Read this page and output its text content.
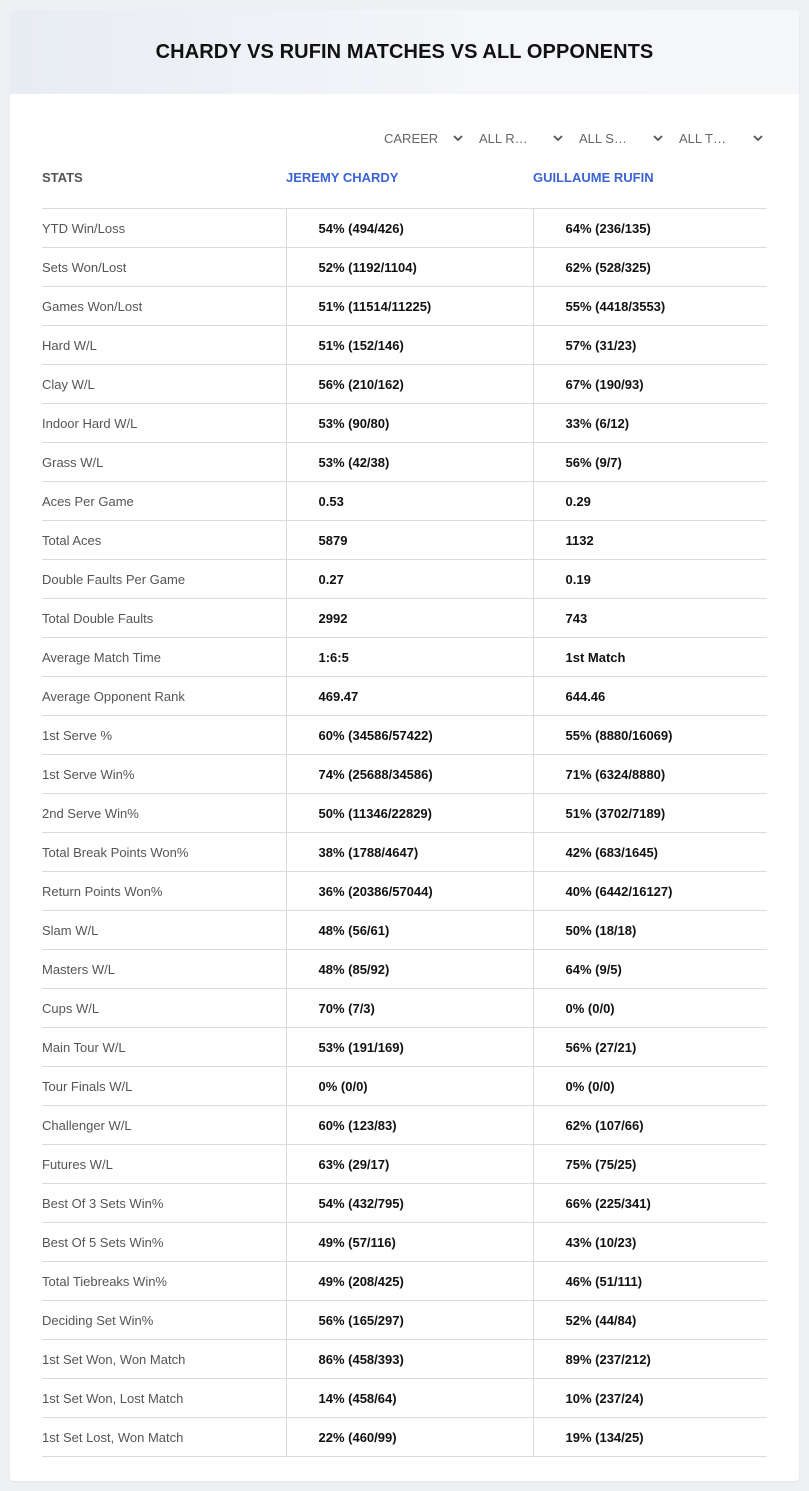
CHARDY VS RUFIN MATCHES VS ALL OPPONENTS
CAREER	ALL R…	ALL S…	ALL T…
STATS	JEREMY CHARDY	GUILLAUME RUFIN
YTD Win/Loss	54% (494/426)	64% (236/135)
Sets Won/Lost	52% (1192/1104)	62% (528/325)
Games Won/Lost	51% (11514/11225)	55% (4418/3553)
Hard W/L	51% (152/146)	57% (31/23)
Clay W/L	56% (210/162)	67% (190/93)
Indoor Hard W/L	53% (90/80)	33% (6/12)
Grass W/L	53% (42/38)	56% (9/7)
Aces Per Game	0.53	0.29
Total Aces	5879	1132
Double Faults Per Game	0.27	0.19
Total Double Faults	2992	743
Average Match Time	1:6:5	1st Match
Average Opponent Rank	469.47	644.46
1st Serve %	60% (34586/57422)	55% (8880/16069)
1st Serve Win%	74% (25688/34586)	71% (6324/8880)
2nd Serve Win%	50% (11346/22829)	51% (3702/7189)
Total Break Points Won%	38% (1788/4647)	42% (683/1645)
Return Points Won%	36% (20386/57044)	40% (6442/16127)
Slam W/L	48% (56/61)	50% (18/18)
Masters W/L	48% (85/92)	64% (9/5)
Cups W/L	70% (7/3)	0% (0/0)
Main Tour W/L	53% (191/169)	56% (27/21)
Tour Finals W/L	0% (0/0)	0% (0/0)
Challenger W/L	60% (123/83)	62% (107/66)
Futures W/L	63% (29/17)	75% (75/25)
Best Of 3 Sets Win%	54% (432/795)	66% (225/341)
Best Of 5 Sets Win%	49% (57/116)	43% (10/23)
Total Tiebreaks Win%	49% (208/425)	46% (51/111)
Deciding Set Win%	56% (165/297)	52% (44/84)
1st Set Won, Won Match	86% (458/393)	89% (237/212)
1st Set Won, Lost Match	14% (458/64)	10% (237/24)
1st Set Lost, Won Match	22% (460/99)	19% (134/25)
